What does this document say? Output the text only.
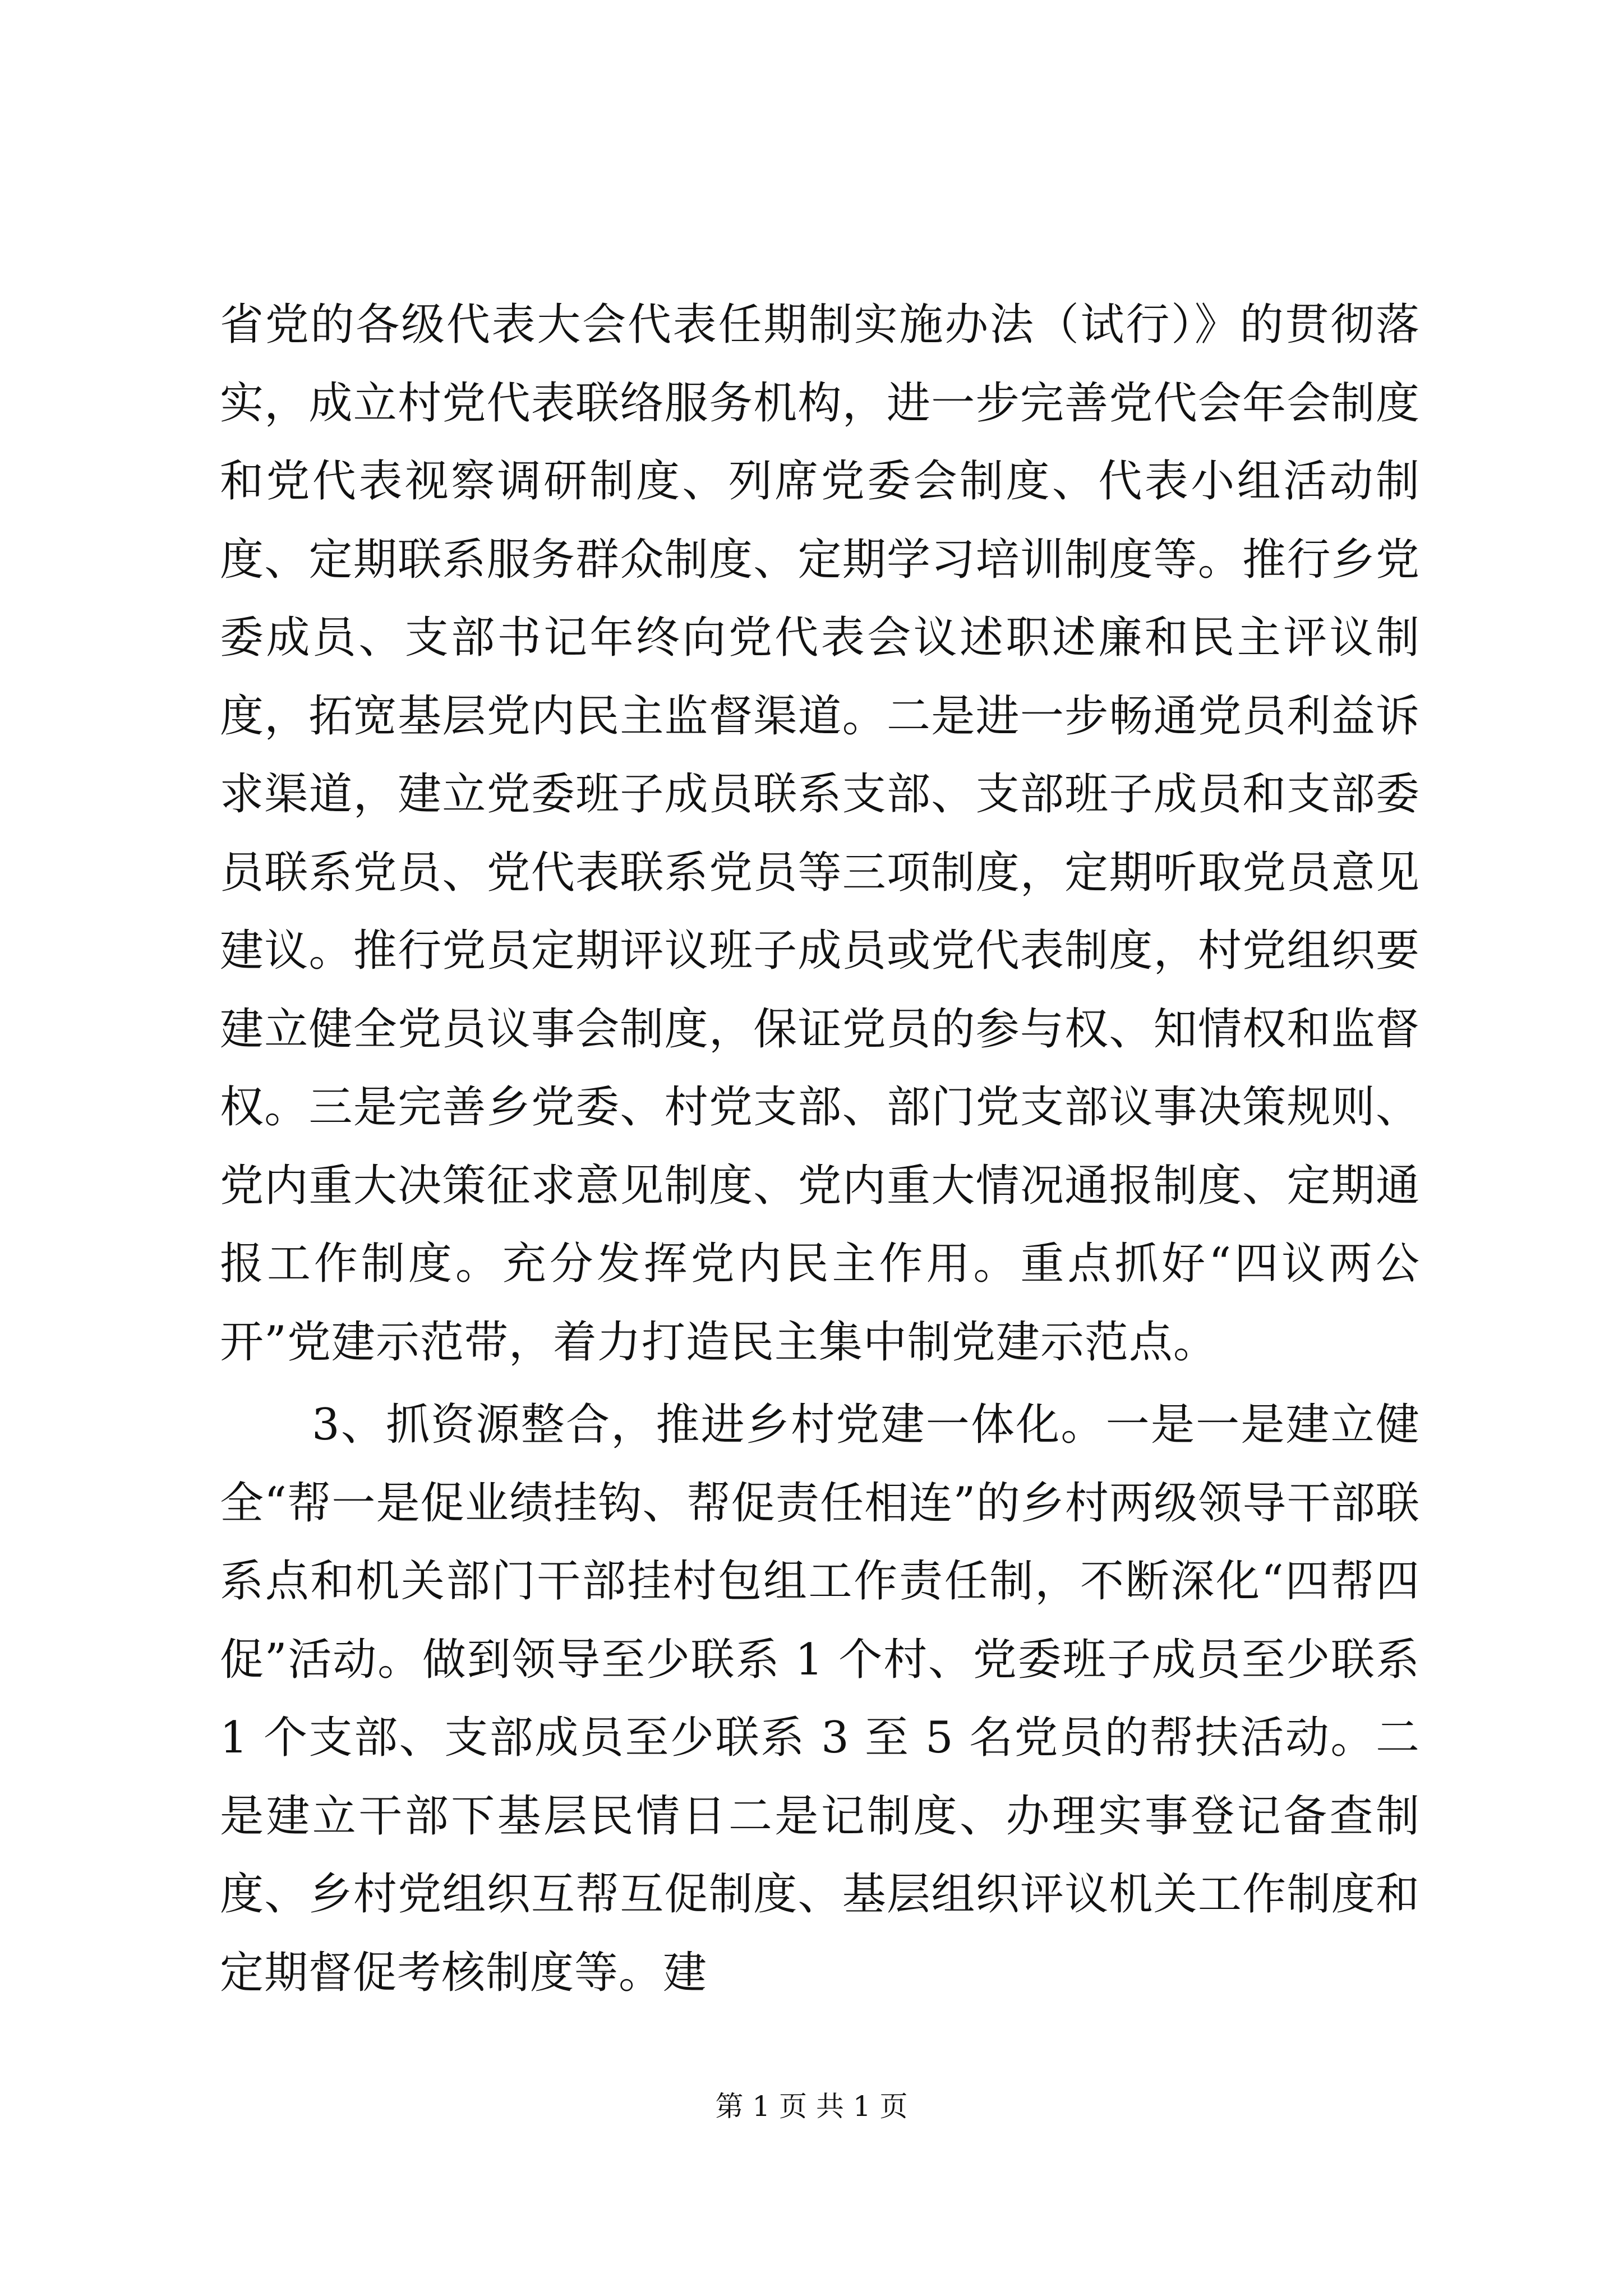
省党的各级代表大会代表任期制实施办法（试行）》的贯彻落实，成立村党代表联络服务机构，进一步完善党代会年会制度和党代表视察调研制度、列席党委会制度、代表小组活动制度、定期联系服务群众制度、定期学习培训制度等。推行乡党委成员、支部书记年终向党代表会议述职述廉和民主评议制度，拓宽基层党内民主监督渠道。二是进一步畅通党员利益诉求渠道，建立党委班子成员联系支部、支部班子成员和支部委员联系党员、党代表联系党员等三项制度，定期听取党员意见建议。推行党员定期评议班子成员或党代表制度，村党组织要建立健全党员议事会制度，保证党员的参与权、知情权和监督权。三是完善乡党委、村党支部、部门党支部议事决策规则、党内重大决策征求意见制度、党内重大情况通报制度、定期通报工作制度。充分发挥党内民主作用。重点抓好“四议两公开”党建示范带，着力打造民主集中制党建示范点。

3、抓资源整合，推进乡村党建一体化。一是一是建立健全“帮一是促业绩挂钩、帮促责任相连”的乡村两级领导干部联系点和机关部门干部挂村包组工作责任制，不断深化“四帮四促”活动。做到领导至少联系 1 个村、党委班子成员至少联系 1 个支部、支部成员至少联系 3 至 5 名党员的帮扶活动。二是建立干部下基层民情日二是记制度、办理实事登记备查制度、乡村党组织互帮互促制度、基层组织评议机关工作制度和定期督促考核制度等。建

第 1 页 共 1 页
